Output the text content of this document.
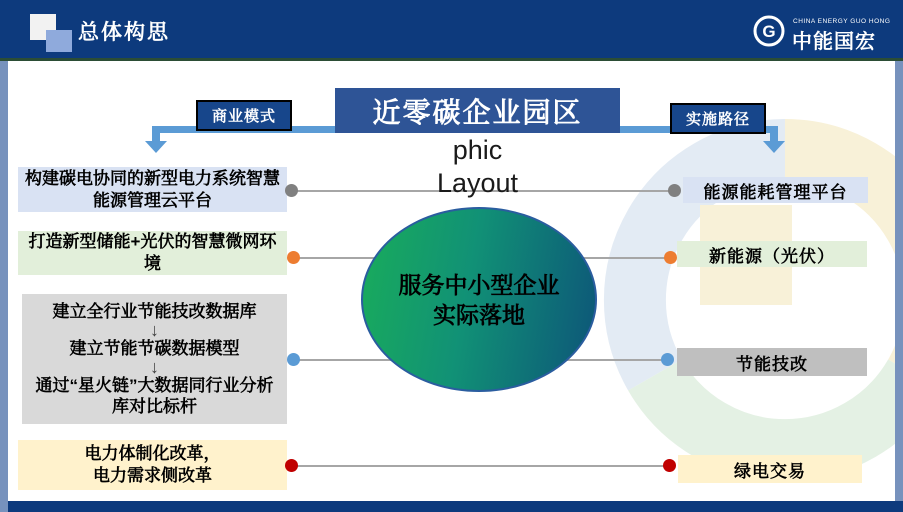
总体构思	G
CHINA ENERGY GUO HONG
中能国宏
服务中小型企业
实际落地
近零碳企业园区
phic
Layout
商业模式	实施路径
构建碳电协同的新型电力系统智慧能源管理云平台
打造新型储能+光伏的智慧微网环境
建立全行业节能技改数据库
↓
建立节能节碳数据模型
↓
通过“星火链”大数据同行业分析库对比标杆
电力体制化改革，
电力需求侧改革
能源能耗管理平台
新能源（光伏）
节能技改
绿电交易
